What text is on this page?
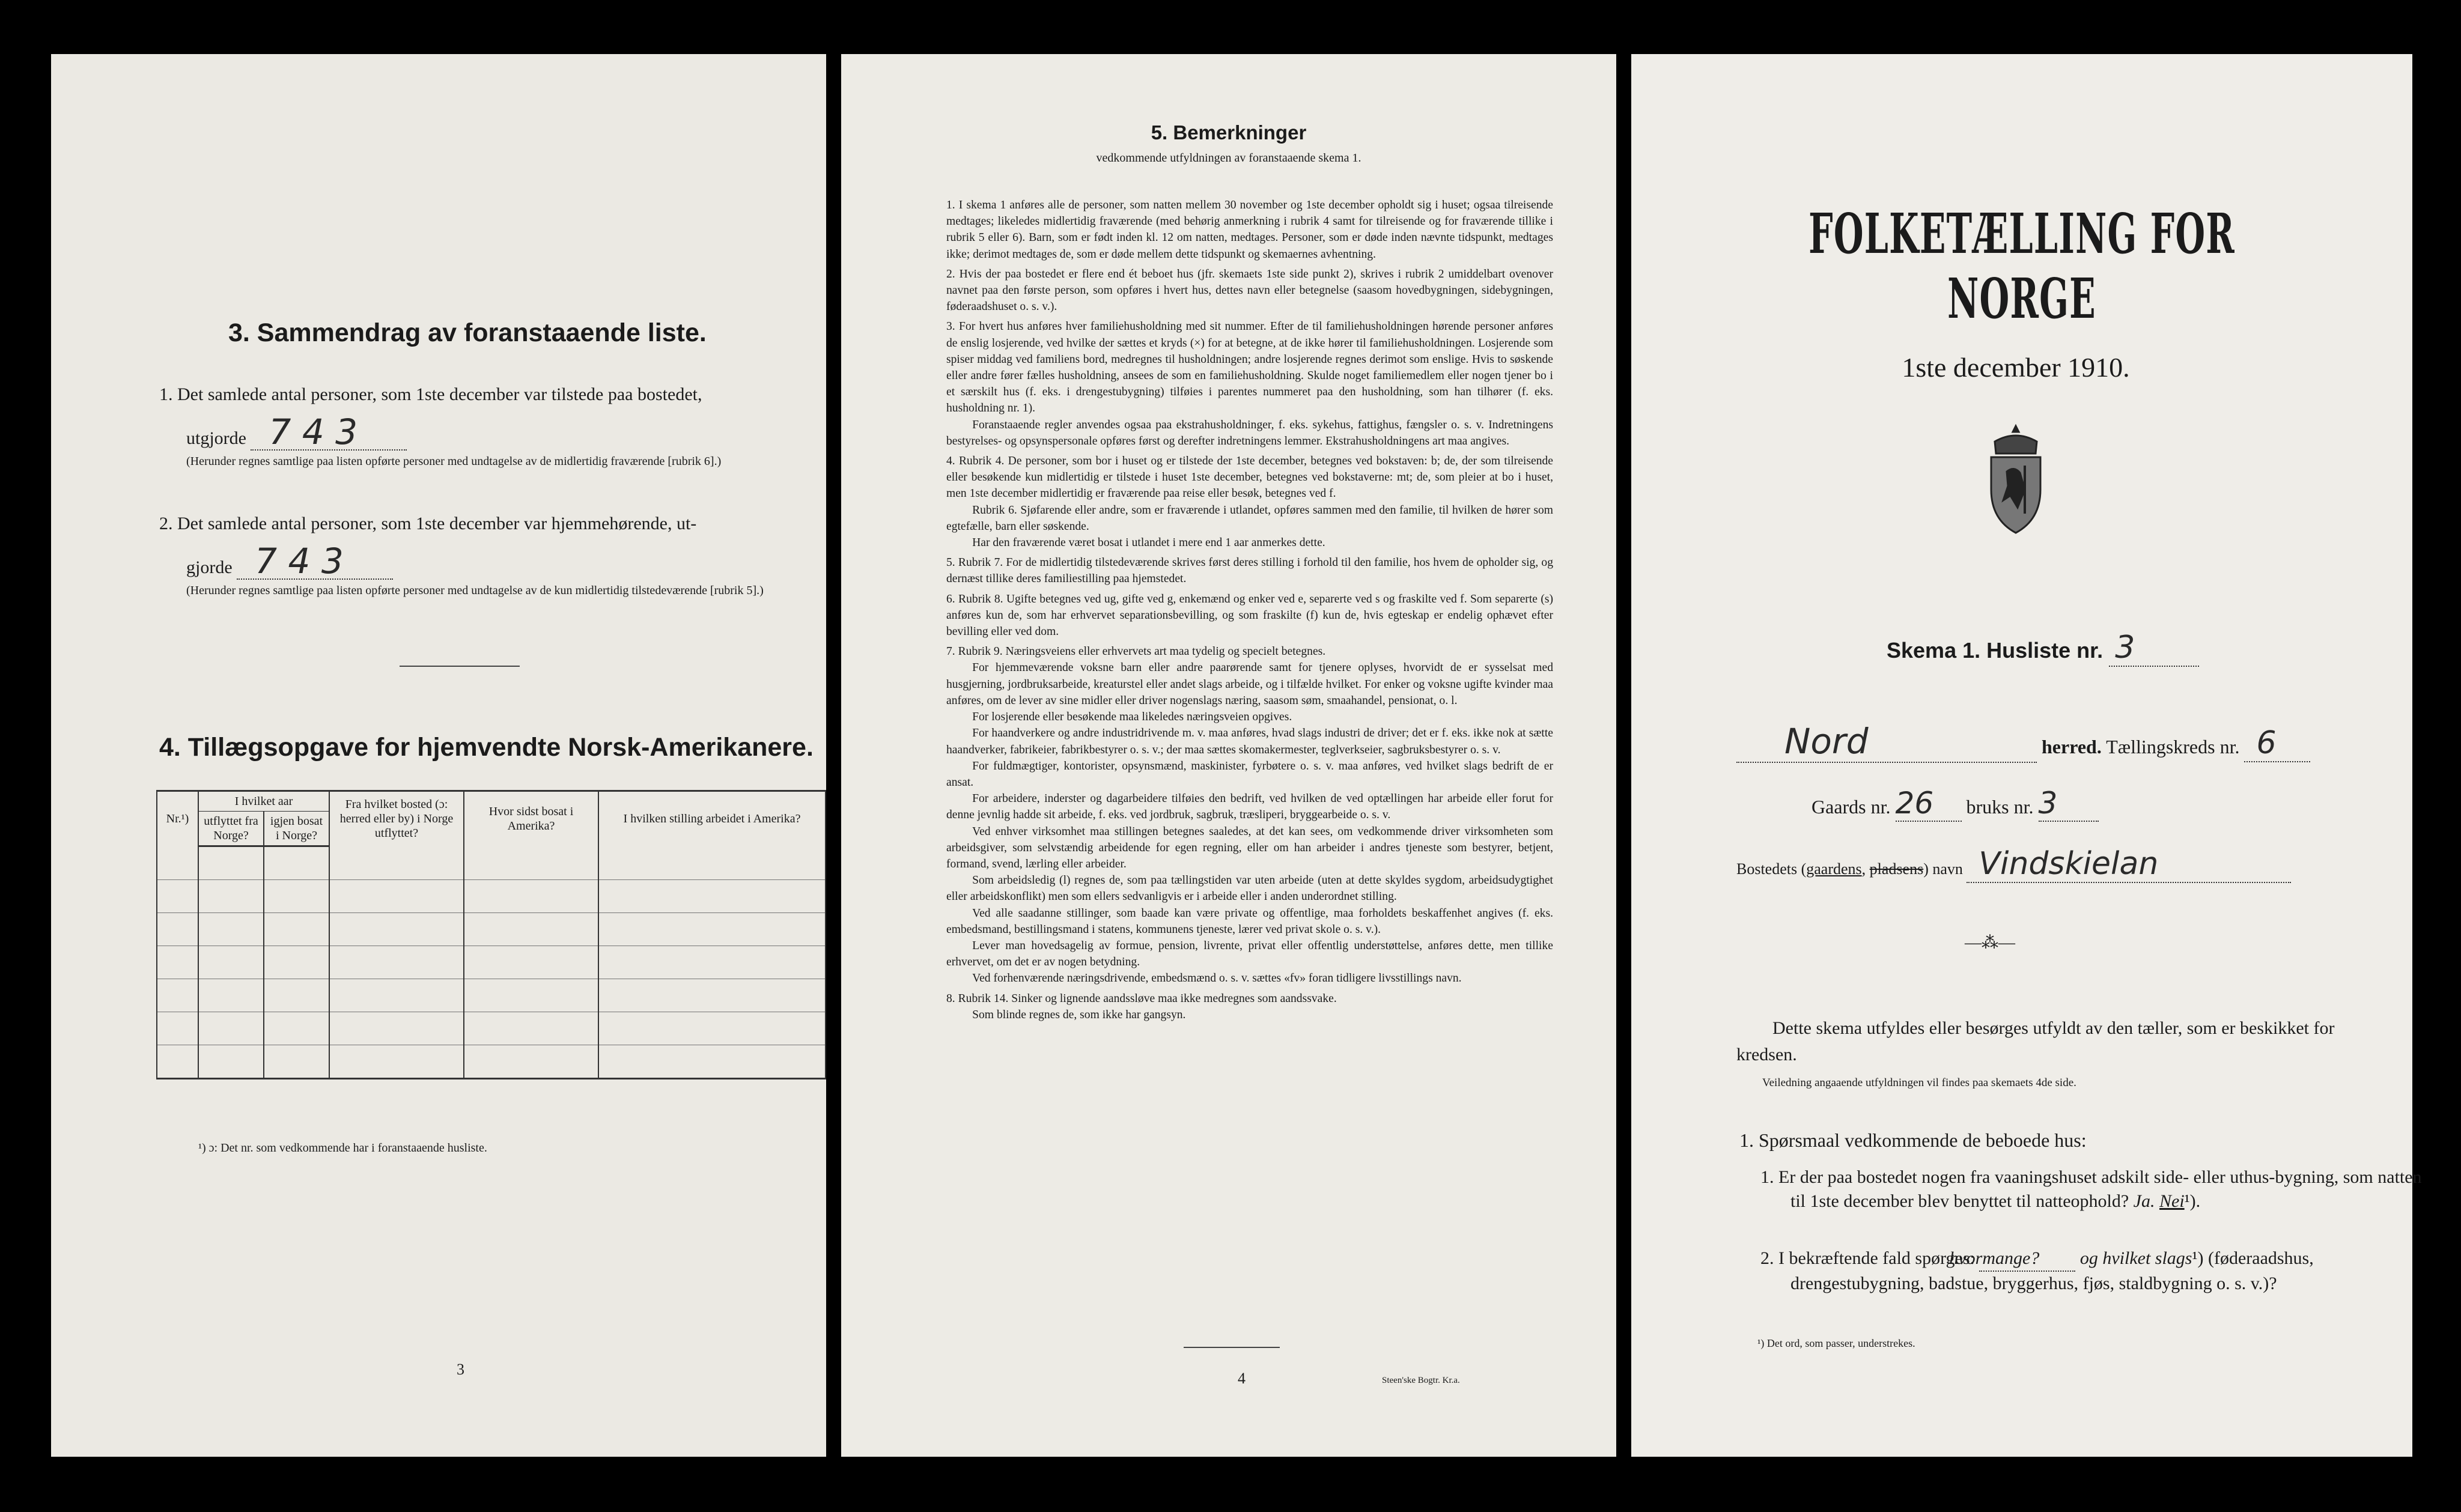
3. Sammendrag av foranstaaende liste.
1. Det samlede antal personer, som 1ste december var tilstede paa bostedet,
utgjorde 7 4 3
(Herunder regnes samtlige paa listen opførte personer med undtagelse av de midlertidig fraværende [rubrik 6].)
2. Det samlede antal personer, som 1ste december var hjemmehørende, ut-
gjorde 7 4 3
(Herunder regnes samtlige paa listen opførte personer med undtagelse av de kun midlertidig tilstedeværende [rubrik 5].)
4. Tillægsopgave for hjemvendte Norsk-Amerikanere.
Nr.¹)	I hvilket aar		Fra hvilket bosted (ɔ: herred eller by) i Norge utflyttet?	Hvor sidst bosat i Amerika?	I hvilken stilling arbeidet i Amerika?
	utflyttet fra Norge?	igjen bosat i Norge?			

¹) ɔ: Det nr. som vedkommende har i foranstaaende husliste.
3
5. Bemerkninger
vedkommende utfyldningen av foranstaaende skema 1.

1. I skema 1 anføres alle de personer, som natten mellem 30 november og 1ste december opholdt sig i huset; ogsaa tilreisende medtages; likeledes midlertidig fraværende (med behørig anmerkning i rubrik 4 samt for tilreisende og for fraværende tillike i rubrik 5 eller 6). Barn, som er født inden kl. 12 om natten, medtages. Personer, som er døde inden nævnte tidspunkt, medtages ikke; derimot medtages de, som er døde mellem dette tidspunkt og skemaernes avhentning.

2. Hvis der paa bostedet er flere end ét beboet hus (jfr. skemaets 1ste side punkt 2), skrives i rubrik 2 umiddelbart ovenover navnet paa den første person, som opføres i hvert hus, dettes navn eller betegnelse (saasom hovedbygningen, sidebygningen, føderaadshuset o. s. v.).

3. For hvert hus anføres hver familiehusholdning med sit nummer. Efter de til familiehusholdningen hørende personer anføres de enslig losjerende, ved hvilke der sættes et kryds (×) for at betegne, at de ikke hører til familiehusholdningen. Losjerende som spiser middag ved familiens bord, medregnes til husholdningen; andre losjerende regnes derimot som enslige. Hvis to søskende eller andre fører fælles husholdning, ansees de som en familiehusholdning. Skulde noget familiemedlem eller nogen tjener bo i et særskilt hus (f. eks. i drengestubygning) tilføies i parentes nummeret paa den husholdning, som han tilhører (f. eks. husholdning nr. 1).

Foranstaaende regler anvendes ogsaa paa ekstrahusholdninger, f. eks. sykehus, fattighus, fængsler o. s. v. Indretningens bestyrelses- og opsynspersonale opføres først og derefter indretningens lemmer. Ekstrahusholdningens art maa angives.

4. Rubrik 4. De personer, som bor i huset og er tilstede der 1ste december, betegnes ved bokstaven: b; de, der som tilreisende eller besøkende kun midlertidig er tilstede i huset 1ste december, betegnes ved bokstaverne: mt; de, som pleier at bo i huset, men 1ste december midlertidig er fraværende paa reise eller besøk, betegnes ved f.

Rubrik 6. Sjøfarende eller andre, som er fraværende i utlandet, opføres sammen med den familie, til hvilken de hører som egtefælle, barn eller søskende.

Har den fraværende været bosat i utlandet i mere end 1 aar anmerkes dette.

5. Rubrik 7. For de midlertidig tilstedeværende skrives først deres stilling i forhold til den familie, hos hvem de opholder sig, og dernæst tillike deres familiestilling paa hjemstedet.

6. Rubrik 8. Ugifte betegnes ved ug, gifte ved g, enkemænd og enker ved e, separerte ved s og fraskilte ved f. Som separerte (s) anføres kun de, som har erhvervet separationsbevilling, og som fraskilte (f) kun de, hvis egteskap er endelig ophævet efter bevilling eller ved dom.

7. Rubrik 9. Næringsveiens eller erhvervets art maa tydelig og specielt betegnes.

For hjemmeværende voksne barn eller andre paarørende samt for tjenere oplyses, hvorvidt de er sysselsat med husgjerning, jordbruksarbeide, kreaturstel eller andet slags arbeide, og i tilfælde hvilket. For enker og voksne ugifte kvinder maa anføres, om de lever av sine midler eller driver nogenslags næring, saasom søm, smaahandel, pensionat, o. l.

For losjerende eller besøkende maa likeledes næringsveien opgives.

For haandverkere og andre industridrivende m. v. maa anføres, hvad slags industri de driver; det er f. eks. ikke nok at sætte haandverker, fabrikeier, fabrikbestyrer o. s. v.; der maa sættes skomakermester, teglverkseier, sagbruksbestyrer o. s. v.

For fuldmægtiger, kontorister, opsynsmænd, maskinister, fyrbøtere o. s. v. maa anføres, ved hvilket slags bedrift de er ansat.

For arbeidere, inderster og dagarbeidere tilføies den bedrift, ved hvilken de ved optællingen har arbeide eller forut for denne jevnlig hadde sit arbeide, f. eks. ved jordbruk, sagbruk, træsliperi, bryggearbeide o. s. v.

Ved enhver virksomhet maa stillingen betegnes saaledes, at det kan sees, om vedkommende driver virksomheten som arbeidsgiver, som selvstændig arbeidende for egen regning, eller om han arbeider i andres tjeneste som bestyrer, betjent, formand, svend, lærling eller arbeider.

Som arbeidsledig (l) regnes de, som paa tællingstiden var uten arbeide (uten at dette skyldes sygdom, arbeidsudygtighet eller arbeidskonflikt) men som ellers sedvanligvis er i arbeide eller i anden underordnet stilling.

Ved alle saadanne stillinger, som baade kan være private og offentlige, maa forholdets beskaffenhet angives (f. eks. embedsmand, bestillingsmand i statens, kommunens tjeneste, lærer ved privat skole o. s. v.).

Lever man hovedsagelig av formue, pension, livrente, privat eller offentlig understøttelse, anføres dette, men tillike erhvervet, om det er av nogen betydning.

Ved forhenværende næringsdrivende, embedsmænd o. s. v. sættes «fv» foran tidligere livsstillings navn.

8. Rubrik 14. Sinker og lignende aandssløve maa ikke medregnes som aandssvake.

Som blinde regnes de, som ikke har gangsyn.

4	Steen'ske Bogtr. Kr.a.
FOLKETÆLLING FOR NORGE
1ste december 1910.
Skema 1. Husliste nr. 3
Nord	herred. Tællingskreds nr. 6
Gaards nr. 26 bruks nr. 3
Bostedets (gaardens, pladsens) navn Vindskielan
—⁂—
Dette skema utfyldes eller besørges utfyldt av den tæller, som er beskikket for kredsen.
Veiledning angaaende utfyldningen vil findes paa skemaets 4de side.
1. Spørsmaal vedkommende de beboede hus:
1. Er der paa bostedet nogen fra vaaningshuset adskilt side- eller uthus-bygning, som natten til 1ste december blev benyttet til natteophold? Ja. Nei¹).
2. I bekræftende fald spørges: hvormange? og hvilket slags¹) (føderaadshus, drengestubygning, badstue, bryggerhus, fjøs, staldbygning o. s. v.)?
¹) Det ord, som passer, understrekes.
